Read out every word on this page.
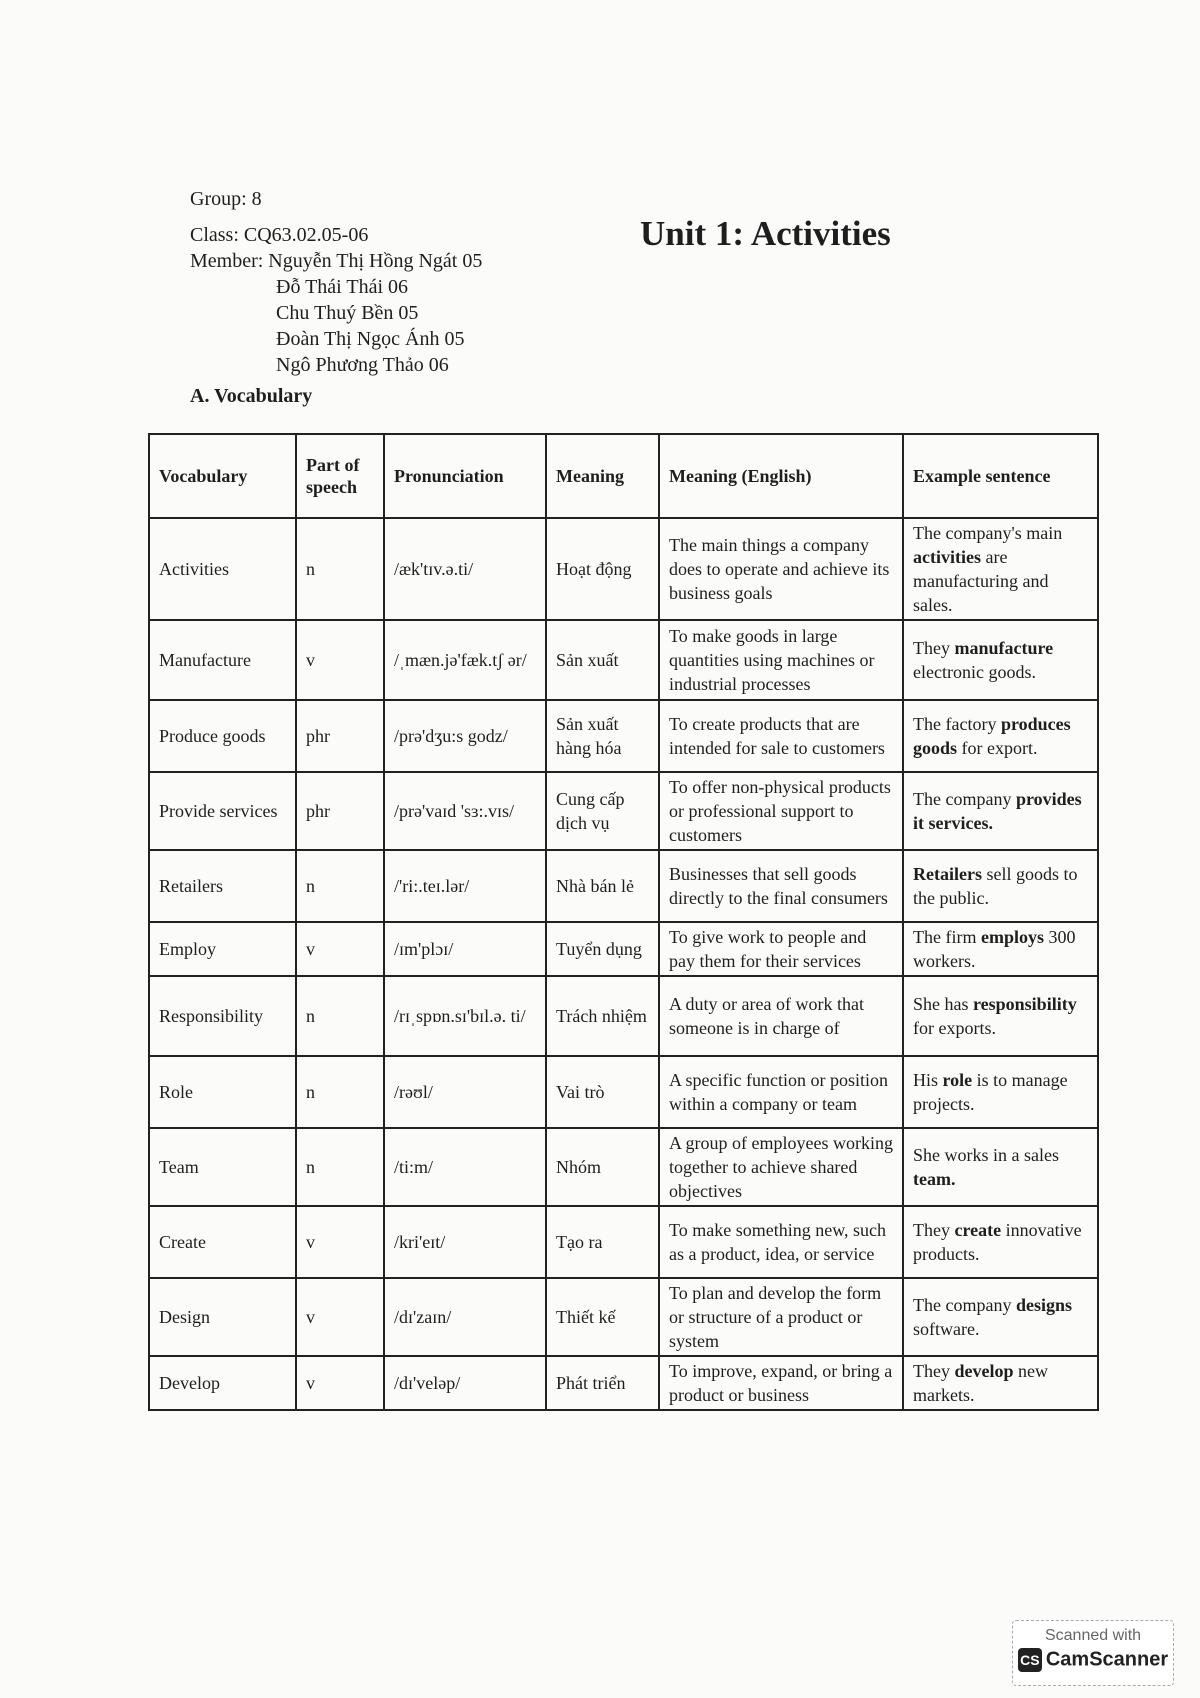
Group: 8
Class: CQ63.02.05-06
Member: Nguyễn Thị Hồng Ngát 05
Đỗ Thái Thái 06
Chu Thuý Bền 05
Đoàn Thị Ngọc Ánh 05
Ngô Phương Thảo 06
Unit 1: Activities
A. Vocabulary
Vocabulary	Part of speech	Pronunciation	Meaning	Meaning (English)	Example sentence
Activities	n	/æk'tɪv.ə.ti/	Hoạt động	The main things a company does to operate and achieve its business goals	The company's main activities are manufacturing and sales.
Manufacture	v	/ˌmæn.jə'fæk.tʃ ər/	Sản xuất	To make goods in large quantities using machines or industrial processes	They manufacture electronic goods.
Produce goods	phr	/prə'dʒu:s godz/	Sản xuất hàng hóa	To create products that are intended for sale to customers	The factory produces goods for export.
Provide services	phr	/prə'vaɪd 'sɜ:.vɪs/	Cung cấp dịch vụ	To offer non-physical products or professional support to customers	The company provides it services.
Retailers	n	/'ri:.teɪ.lər/	Nhà bán lẻ	Businesses that sell goods directly to the final consumers	Retailers sell goods to the public.
Employ	v	/ɪm'plɔɪ/	Tuyển dụng	To give work to people and pay them for their services	The firm employs 300 workers.
Responsibility	n	/rɪˌspɒn.sɪ'bɪl.ə. ti/	Trách nhiệm	A duty or area of work that someone is in charge of	She has responsibility for exports.
Role	n	/rəʊl/	Vai trò	A specific function or position within a company or team	His role is to manage projects.
Team	n	/ti:m/	Nhóm	A group of employees working together to achieve shared objectives	She works in a sales team.
Create	v	/kri'eɪt/	Tạo ra	To make something new, such as a product, idea, or service	They create innovative products.
Design	v	/dɪ'zaɪn/	Thiết kế	To plan and develop the form or structure of a product or system	The company designs software.
Develop	v	/dɪ'veləp/	Phát triển	To improve, expand, or bring a product or business	They develop new markets.
Scanned with
CS CamScanner
